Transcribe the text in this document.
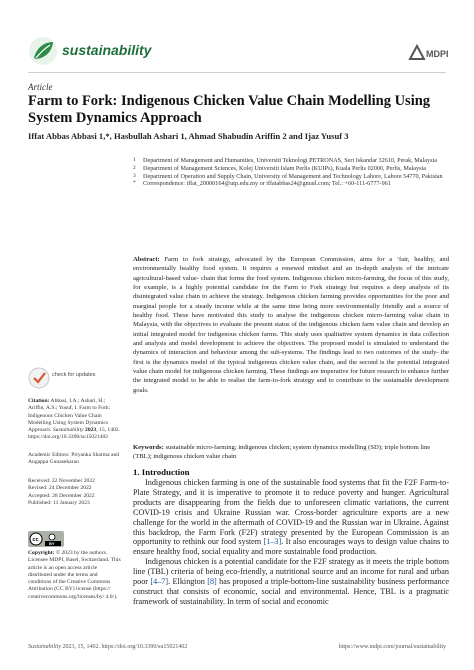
sustainability	MDPI
Article
Farm to Fork: Indigenous Chicken Value Chain Modelling Using System Dynamics Approach
Iffat Abbas Abbasi 1,*, Hasbullah Ashari 1, Ahmad Shabudin Ariffin 2 and Ijaz Yusuf 3
1	Department of Management and Humanities, Universiti Teknologi PETRONAS, Seri Iskandar 32610, Perak, Malaysia
2	Department of Management Sciences, Kolej Universiti Islam Perlis (KUIPs), Kuala Perlis 02000, Perlis, Malaysia
3	Department of Operation and Supply Chain, University of Management and Technology Lahore, Lahore 54770, Pakistan
*	Correspondence: iffat_20000164@utp.edu.my or iffatabbas24@gmail.com; Tel.: +60-111-6777-961
Abstract: Farm to fork strategy, advocated by the European Commission, aims for a ‘fair, healthy, and environmentally healthy food system. It requires a renewed mindset and an in-depth analysis of the intricate agricultural-based value- chain that forms the food system. Indigenous chicken micro-farming, the focus of this study, for example, is a highly potential candidate for the Farm to Fork strategy but requires a deep analysis of its disintegrated value chain to achieve the strategy. Indigenous chicken farming provides opportunities for the poor and marginal people for a steady income while at the same time being more environmentally friendly and a source of healthy food. These have motivated this study to analyse the indigenous chicken micro-farming value chain in Malaysia, with the objectives to evaluate the present status of the indigenous chicken farm value chain and develop an initial integrated model for indigenous chicken farms. This study uses qualitative system dynamics in data collection and analysis and model development to achieve the objectives. The proposed model is simulated to understand the dynamics of interaction and behaviour among the sub-systems. The findings lead to two outcomes of the study- the first is the dynamics model of the typical indigenous chicken value chain, and the second is the potential integrated value chain model for indigenous chicken farming. These findings are imperative for future research to enhance further the integrated model to be able to realise the farm-to-fork strategy and to contribute to the sustainable development goals.
Keywords: sustainable micro-farming; indigenous chicken; system dynamics modelling (SD); triple bottom line (TBL); indigenous chicken value chain
1. Introduction

Indigenous chicken farming is one of the sustainable food systems that fit the F2F Farm-to-Plate Strategy, and it is imperative to promote it to reduce poverty and hunger. Agricultural products are disappearing from the fields due to unforeseen climatic variations, the current COVID-19 crisis and Ukraine Russian war. Cross-border agriculture exports are a new challenge for the world in the aftermath of COVID-19 and the Russian war in Ukraine. Against this backdrop, the Farm Fork (F2F) strategy presented by the European Commission is an opportunity to rethink our food system [1–3]. It also encourages ways to design value chains to ensure healthy food, social equality and more sustainable food production.

Indigenous chicken is a potential candidate for the F2F strategy as it meets the triple bottom line (TBL) criteria of being eco-friendly, a nutritional source and an income for rural and urban poor [4–7]. Elkington [8] has proposed a triple-bottom-line sustainability business performance construct that consists of economic, social and environmental. Hence, TBL is a pragmatic framework of sustainability. In term of social and economic

check for updates
Citation: Abbasi, I.A.; Ashari, H.; Ariffin, A.S.; Yusuf, I. Farm to Fork: Indigenous Chicken Value Chain Modelling Using System Dynamics Approach. Sustainability 2023, 15, 1402. https://doi.org/10.3390/su15021402
Academic Editors: Priyanka Sharma and Angappa Gunasekaran
Received: 22 November 2022
Revised: 24 December 2022
Accepted: 28 December 2022
Published: 11 January 2023
cc
BY
Copyright: © 2023 by the authors. Licensee MDPI, Basel, Switzerland. This article is an open access article distributed under the terms and conditions of the Creative Commons Attribution (CC BY) license (https:// creativecommons.org/licenses/by/ 4.0/).
Sustainability 2023, 15, 1402. https://doi.org/10.3390/su15021402	https://www.mdpi.com/journal/sustainability
